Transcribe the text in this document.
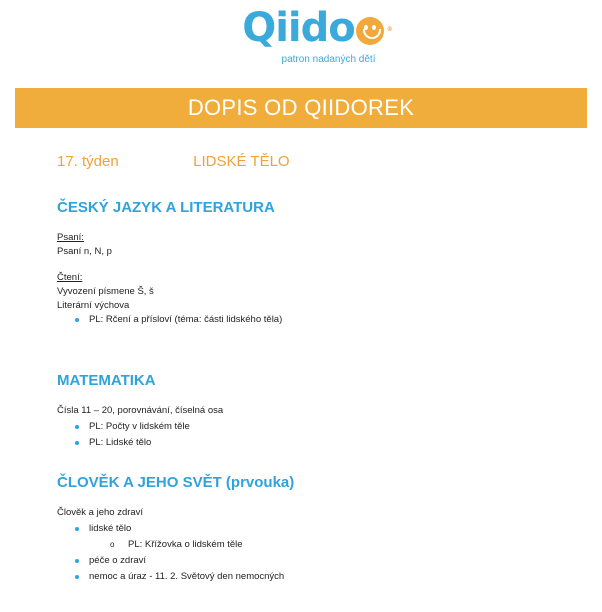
Qiido	®
patron nadaných dětí
DOPIS OD QIIDOREK
17. týden	LIDSKÉ TĚLO
ČESKÝ JAZYK A LITERATURA
Psaní:
Psaní n, N, p
Čtení:
Vyvození písmene Š, š
Literární výchova
PL: Rčení a přísloví (téma: části lidského těla)
MATEMATIKA
Čísla 11 – 20, porovnávání, číselná osa
PL: Počty v lidském těle
PL: Lidské tělo
ČLOVĚK A JEHO SVĚT (prvouka)
Člověk a jeho zdraví
lidské tělo
o PL: Křížovka o lidském těle
péče o zdraví
nemoc a úraz - 11. 2. Světový den nemocných
